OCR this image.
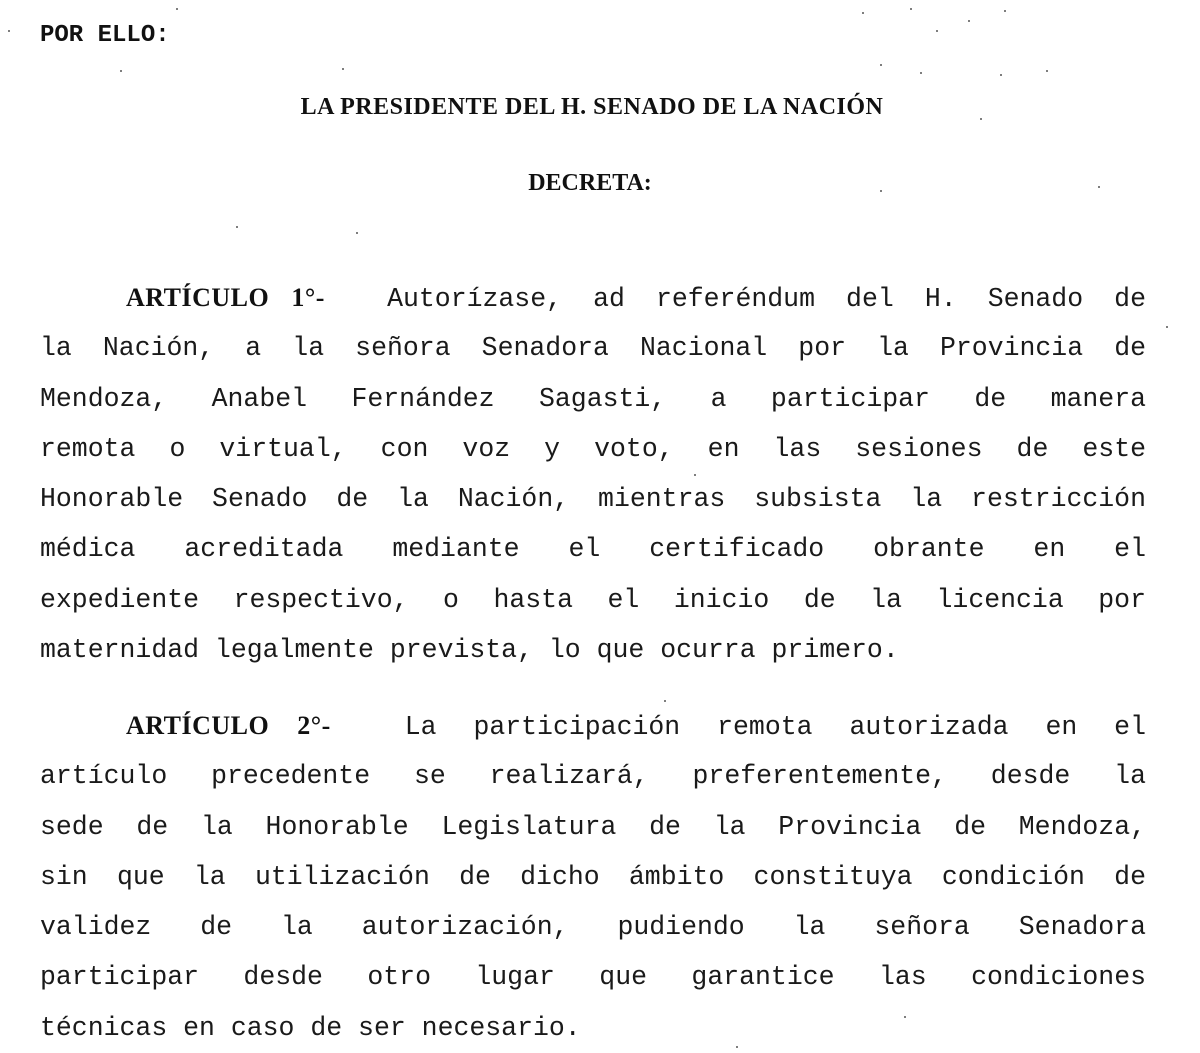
POR ELLO:
LA PRESIDENTE DEL H. SENADO DE LA NACIÓN
DECRETA:
ARTÍCULO 1°- Autorízase, ad referéndum del H. Senado de
la Nación, a la señora Senadora Nacional por la Provincia de
Mendoza, Anabel Fernández Sagasti, a participar de manera
remota o virtual, con voz y voto, en las sesiones de este
Honorable Senado de la Nación, mientras subsista la restricción
médica acreditada mediante el certificado obrante en el
expediente respectivo, o hasta el inicio de la licencia por
maternidad legalmente prevista, lo que ocurra primero.
ARTÍCULO 2°-	La participación remota autorizada en el
artículo precedente se realizará, preferentemente, desde la
sede de la Honorable Legislatura de la Provincia de Mendoza,
sin que la utilización de dicho ámbito constituya condición de
validez de la autorización, pudiendo la señora Senadora
participar desde otro lugar que garantice las condiciones
técnicas en caso de ser necesario.
